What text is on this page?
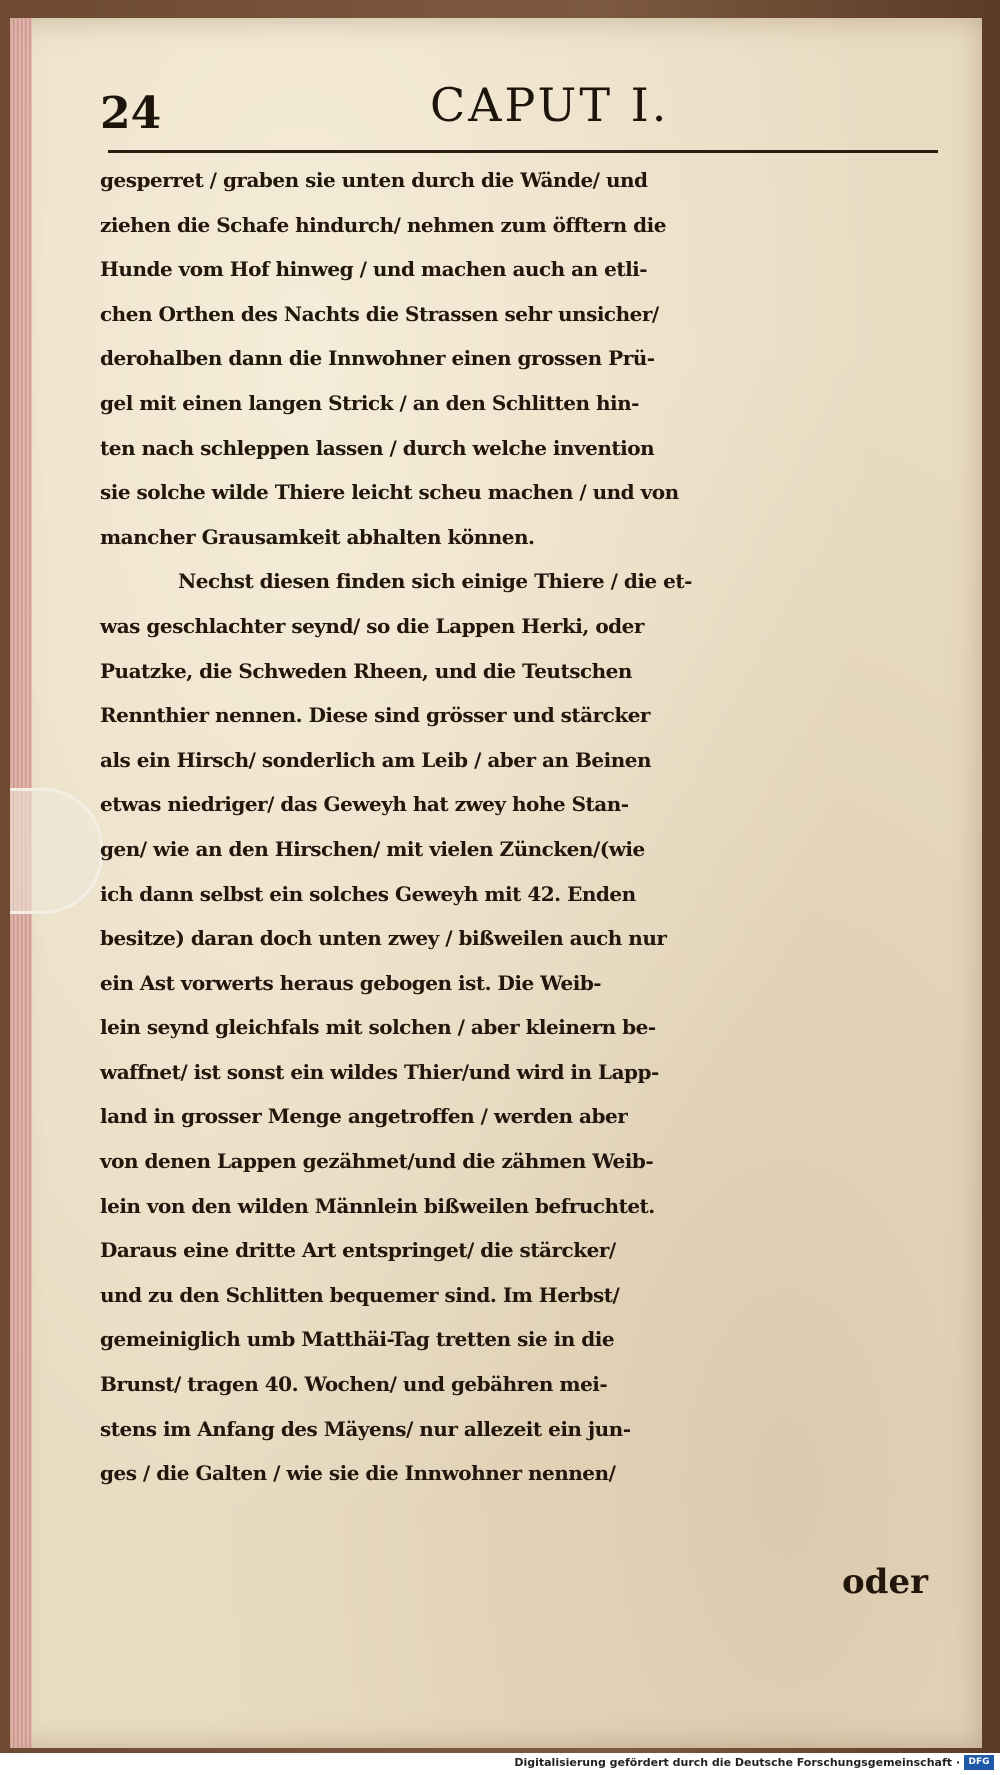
24	CAPUT I.
gesperret / graben sie unten durch die Wände/ und
ziehen die Schafe hindurch/ nehmen zum öfftern die
Hunde vom Hof hinweg / und machen auch an etli-
chen Orthen des Nachts die Strassen sehr unsicher/
derohalben dann die Innwohner einen grossen Prü-
gel mit einen langen Strick / an den Schlitten hin-
ten nach schleppen lassen / durch welche invention
sie solche wilde Thiere leicht scheu machen / und von
mancher Grausamkeit abhalten können.
Nechst diesen finden sich einige Thiere / die et-
was geschlachter seynd/ so die Lappen Herki, oder
Puatzke, die Schweden Rheen, und die Teutschen
Rennthier nennen. Diese sind grösser und stärcker
als ein Hirsch/ sonderlich am Leib / aber an Beinen
etwas niedriger/ das Geweyh hat zwey hohe Stan-
gen/ wie an den Hirschen/ mit vielen Züncken/(wie
ich dann selbst ein solches Geweyh mit 42. Enden
besitze) daran doch unten zwey / bißweilen auch nur
ein Ast vorwerts heraus gebogen ist. Die Weib-
lein seynd gleichfals mit solchen / aber kleinern be-
waffnet/ ist sonst ein wildes Thier/und wird in Lapp-
land in grosser Menge angetroffen / werden aber
von denen Lappen gezähmet/und die zähmen Weib-
lein von den wilden Männlein bißweilen befruchtet.
Daraus eine dritte Art entspringet/ die stärcker/
und zu den Schlitten bequemer sind. Im Herbst/
gemeiniglich umb Matthäi-Tag tretten sie in die
Brunst/ tragen 40. Wochen/ und gebähren mei-
stens im Anfang des Mäyens/ nur allezeit ein jun-
ges / die Galten / wie sie die Innwohner nennen/
oder
Digitalisierung gefördert durch die Deutsche Forschungsgemeinschaft · DFG
